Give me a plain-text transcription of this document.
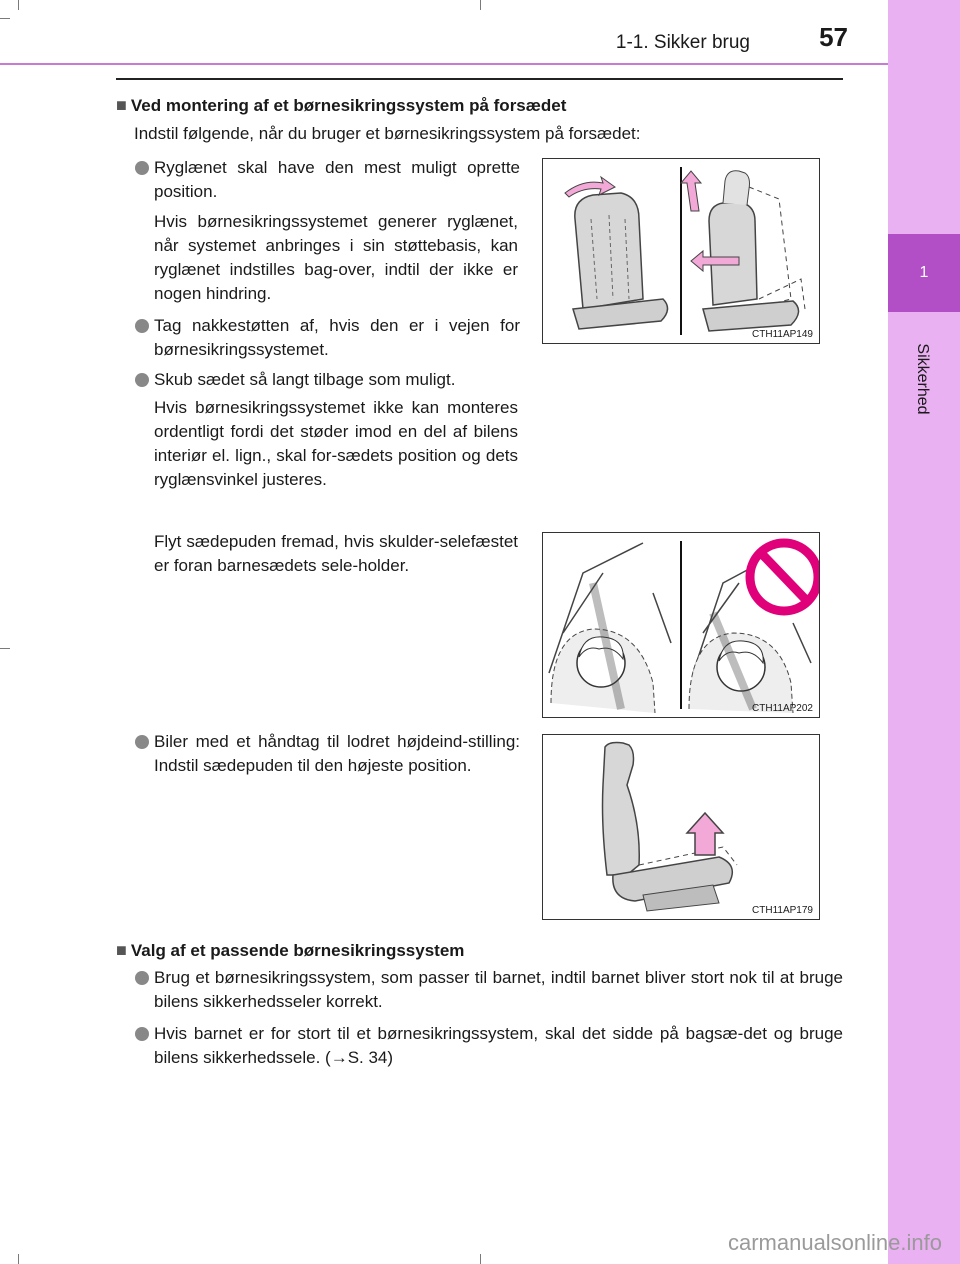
1-1. Sikker brug	57
1
Sikkerhed
■ Ved montering af et børnesikringssystem på forsædet
Indstil følgende, når du bruger et børnesikringssystem på forsædet:
Ryglænet skal have den mest muligt oprette position.
Hvis børnesikringssystemet generer ryglænet, når systemet anbringes i sin støttebasis, kan ryglænet indstilles bag-over, indtil der ikke er nogen hindring.
Tag nakkestøtten af, hvis den er i vejen for børnesikringssystemet.
Skub sædet så langt tilbage som muligt.
Hvis børnesikringssystemet ikke kan monteres ordentligt fordi det støder imod en del af bilens interiør el. lign., skal for-sædets position og dets ryglænsvinkel justeres.
Flyt sædepuden fremad, hvis skulder-selefæstet er foran barnesædets sele-holder.
Biler med et håndtag til lodret højdeind-stilling: Indstil sædepuden til den højeste position.
CTH11AP149
CTH11AP202
CTH11AP179
■ Valg af et passende børnesikringssystem
Brug et børnesikringssystem, som passer til barnet, indtil barnet bliver stort nok til at bruge bilens sikkerhedsseler korrekt.
Hvis barnet er for stort til et børnesikringssystem, skal det sidde på bagsæ-det og bruge bilens sikkerhedssele. (→S. 34)
carmanualsonline.info
